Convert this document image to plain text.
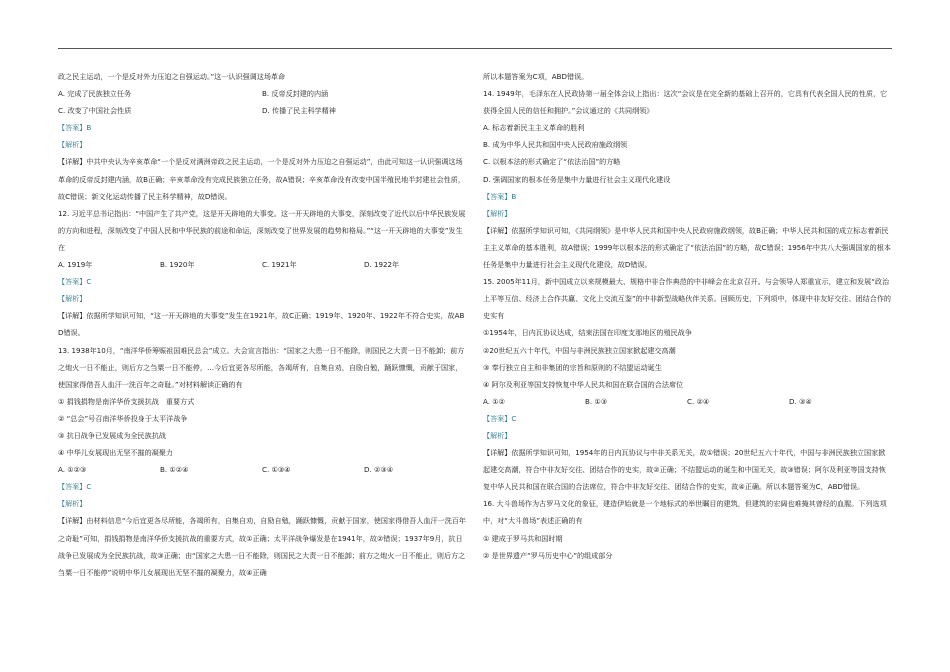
政之民主运动，一个是反对外力压迫之自强运动。”这一认识强调这场革命

A. 完成了民族独立任务	B. 反帝反封建的内涵
C. 改变了中国社会性质	D. 传播了民主科学精神

【答案】B

【解析】

【详解】中共中央认为辛亥革命“一个是反对满洲帝政之民主运动，一个是反对外力压迫之自强运动”，由此可知这一认识强调这场革命的反帝反封建内涵，故B正确；辛亥革命没有完成民族独立任务，故A错误；辛亥革命没有改变中国半殖民地半封建社会性质，故C错误；新文化运动传播了民主科学精神，故D错误。

12. 习近平总书记指出：“中国产生了共产党，这是开天辟地的大事变。这一开天辟地的大事变，深刻改变了近代以后中华民族发展的方向和进程，深刻改变了中国人民和中华民族的前途和命运，深刻改变了世界发展的趋势和格局。”“这一开天辟地的大事变”发生在

A. 1919年	B. 1920年	C. 1921年	D. 1922年

【答案】C

【解析】

【详解】依据所学知识可知，“这一开天辟地的大事变”发生在1921年，故C正确；1919年、1920年、1922年不符合史实，故ABD错误。

13. 1938年10月，“南洋华侨筹赈祖国难民总会”成立。大会宣言指出：“国家之大患一日不能除，则国民之大责一日不能卸；前方之炮火一日不能止，则后方之刍粟一日不能停，…今后宜更各尽所能，各竭所有，自集自劝，自励自勉，踊跃慷慨，贡献于国家，使国家得借吾人血汗一洗百年之奇耻。”对材料解读正确的有

① 捐钱捐物是南洋华侨支援抗战　重要方式

② “总会”号召南洋华侨投身于太平洋战争

③ 抗日战争已发展成为全民族抗战

④ 中华儿女展现出无坚不摧的凝聚力

A. ①②③	B. ①②④	C. ①③④	D. ②③④

【答案】C

【解析】

【详解】由材料信息“今后宜更各尽所能，各竭所有，自集自劝，自励自勉，踊跃慷慨，贡献于国家，使国家得借吾人血汗一洗百年之奇耻”可知，捐钱捐物是南洋华侨支援抗战的重要方式，故①正确；太平洋战争爆发是在1941年，故②错误；1937年9月，抗日战争已发展成为全民族抗战，故③正确；由“国家之大患一日不能除，则国民之大责一日不能卸；前方之炮火一日不能止，则后方之刍粟一日不能停”说明中华儿女展现出无坚不摧的凝聚力，故④正确

所以本题答案为C项，ABD错误。

14. 1949年，毛泽东在人民政协第一届全体会议上指出：这次“会议是在完全新的基础上召开的，它具有代表全国人民的性质，它获得全国人民的信任和拥护。”会议通过的《共同纲领》

A. 标志着新民主主义革命的胜利

B. 成为中华人民共和国中央人民政府施政纲领

C. 以根本法的形式确定了“依法治国”的方略

D. 强调国家的根本任务是集中力量进行社会主义现代化建设

【答案】B

【解析】

【详解】依据所学知识可知，《共同纲领》是中华人民共和国中央人民政府施政纲领，故B正确；中华人民共和国的成立标志着新民主主义革命的基本胜利，故A错误；1999年以根本法的形式确定了“依法治国”的方略，故C错误；1956年中共八大强调国家的根本任务是集中力量进行社会主义现代化建设，故D错误。

15. 2005年11月，新中国成立以来规模最大、规格中非合作典范的中非峰会在北京召开。与会领导人郑重宣示，建立和发展“政治上平等互信、经济上合作共赢、文化上交流互鉴”的中非新型战略伙伴关系。回顾历史，下列项中，体现中非友好交往、团结合作的史实有

①1954年，日内瓦协议达成，结束法国在印度支那地区的殖民战争

②20世纪五六十年代，中国与非洲民族独立国家掀起建交高潮

③ 奉行独立自主和非集团的宗旨和原则的不结盟运动诞生

④ 阿尔及利亚等国支持恢复中华人民共和国在联合国的合法席位

A. ①②	B. ①③	C. ②④	D. ③④

【答案】C

【解析】

【详解】依据所学知识可知，1954年的日内瓦协议与中非关系无关，故①错误；20世纪五六十年代，中国与非洲民族独立国家掀起建交高潮，符合中非友好交往、团结合作的史实，故②正确；不结盟运动的诞生和中国无关，故③错误；阿尔及利亚等国支持恢复中华人民共和国在联合国的合法席位，符合中非友好交往、团结合作的史实，故④正确。所以本题答案为C，ABD错误。

16. 大斗兽场作为古罗马文化的象征，建造伊始就是一个地标式的举世瞩目的建筑，但建筑的宏阔也难掩其曾经的血腥。下列选项中，对“大斗兽场”表述正确的有

① 建成于罗马共和国时期

② 是世界遗产“罗马历史中心”的组成部分
